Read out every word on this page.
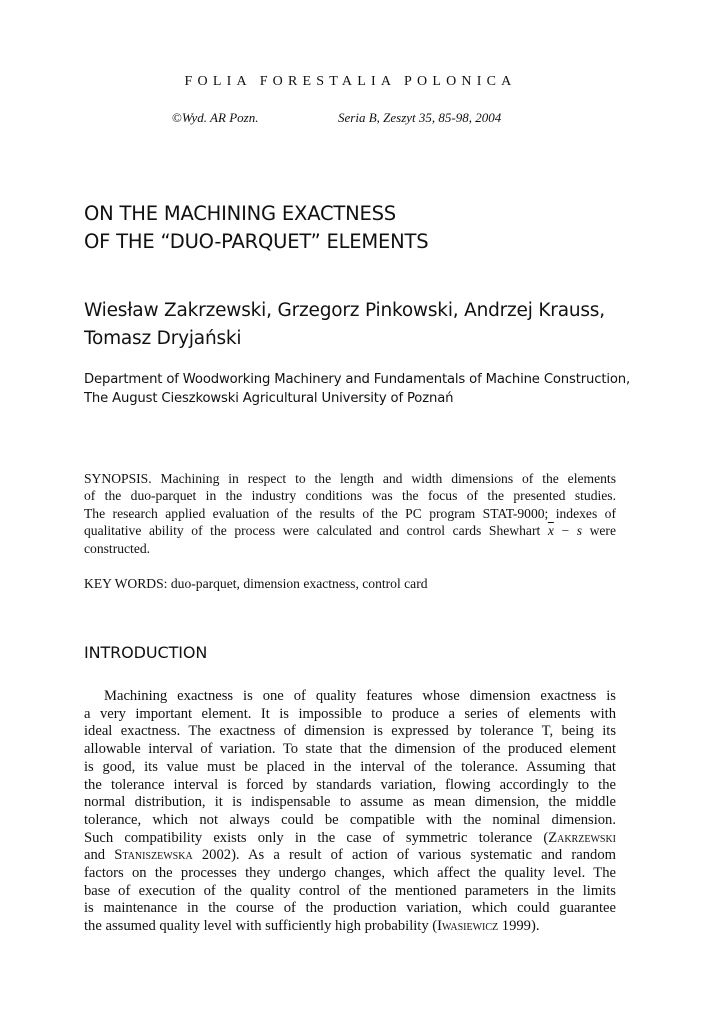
FOLIA FORESTALIA POLONICA
©Wyd. AR Pozn.	Seria B, Zeszyt 35, 85-98, 2004
ON THE MACHINING EXACTNESS
OF THE “DUO-PARQUET” ELEMENTS
Wiesław Zakrzewski, Grzegorz Pinkowski, Andrzej Krauss,
Tomasz Dryjański
Department of Woodworking Machinery and Fundamentals of Machine Construction,
The August Cieszkowski Agricultural University of Poznań
SYNOPSIS. Machining in respect to the length and width dimensions of the elements
of the duo-parquet in the industry conditions was the focus of the presented studies.
The research applied evaluation of the results of the PC program STAT-9000; indexes of
qualitative ability of the process were calculated and control cards Shewhart $\overline{x} - s$ were
constructed.
KEY WORDS: duo-parquet, dimension exactness, control card
INTRODUCTION
Machining exactness is one of quality features whose dimension exactness is
a very important element. It is impossible to produce a series of elements with
ideal exactness. The exactness of dimension is expressed by tolerance T, being its
allowable interval of variation. To state that the dimension of the produced element
is good, its value must be placed in the interval of the tolerance. Assuming that
the tolerance interval is forced by standards variation, flowing accordingly to the
normal distribution, it is indispensable to assume as mean dimension, the middle
tolerance, which not always could be compatible with the nominal dimension.
Such compatibility exists only in the case of symmetric tolerance (Zakrzewski
and Staniszewska 2002). As a result of action of various systematic and random
factors on the processes they undergo changes, which affect the quality level. The
base of execution of the quality control of the mentioned parameters in the limits
is maintenance in the course of the production variation, which could guarantee
the assumed quality level with sufficiently high probability (Iwasiewicz 1999).
